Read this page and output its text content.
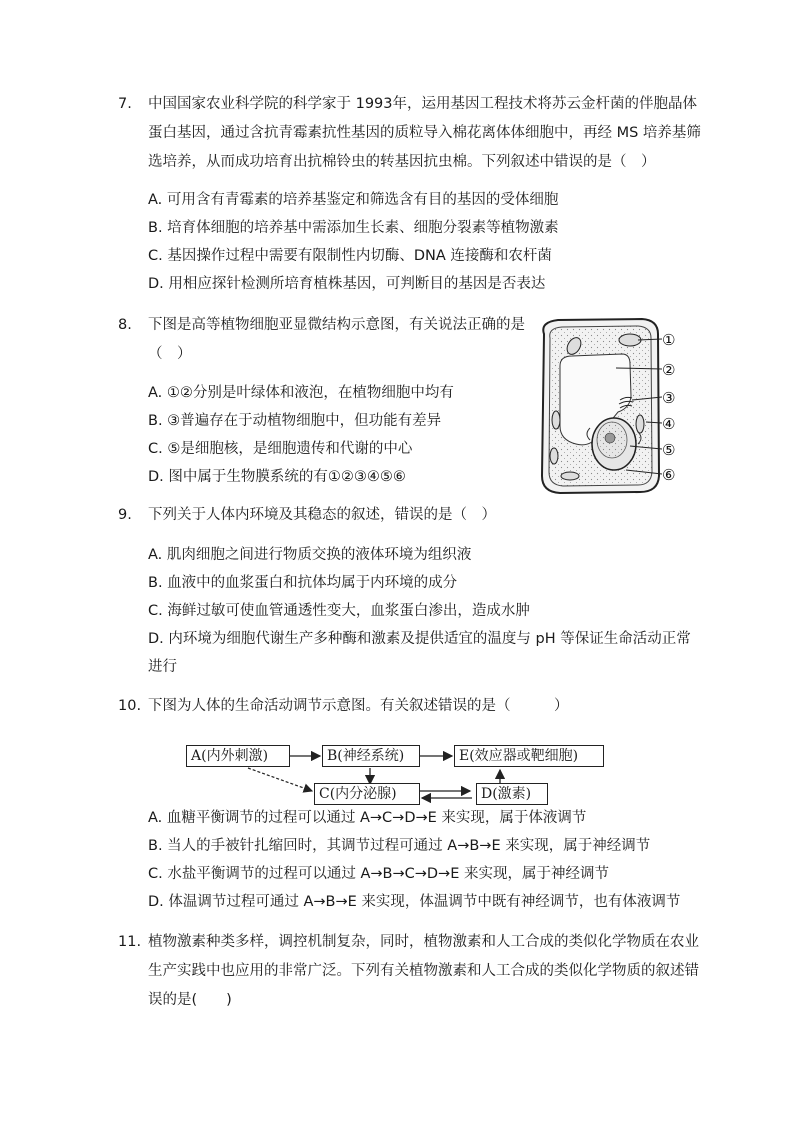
7. 中国国家农业科学院的科学家于 1993年，运用基因工程技术将苏云金杆菌的伴胞晶体
蛋白基因，通过含抗青霉素抗性基因的质粒导入棉花离体体细胞中，再经 MS 培养基筛
选培养，从而成功培育出抗棉铃虫的转基因抗虫棉。下列叙述中错误的是（　）
A. 可用含有青霉素的培养基鉴定和筛选含有目的基因的受体细胞
B. 培育体细胞的培养基中需添加生长素、细胞分裂素等植物激素
C. 基因操作过程中需要有限制性内切酶、DNA 连接酶和农杆菌
D. 用相应探针检测所培育植株基因，可判断目的基因是否表达
8. 下图是高等植物细胞亚显微结构示意图，有关说法正确的是
（　）
A. ①②分别是叶绿体和液泡，在植物细胞中均有
B. ③普遍存在于动植物细胞中，但功能有差异
C. ⑤是细胞核，是细胞遗传和代谢的中心
D. 图中属于生物膜系统的有①②③④⑤⑥
①
②
③
④
⑤
⑥
9. 下列关于人体内环境及其稳态的叙述，错误的是（　）
A. 肌肉细胞之间进行物质交换的液体环境为组织液
B. 血液中的血浆蛋白和抗体均属于内环境的成分
C. 海鲜过敏可使血管通透性变大，血浆蛋白渗出，造成水肿
D. 内环境为细胞代谢生产多种酶和激素及提供适宜的温度与 pH 等保证生命活动正常
进行
10. 下图为人体的生命活动调节示意图。有关叙述错误的是（　　　）
A(内外刺激)	B(神经系统)	E(效应器或靶细胞)
C(内分泌腺)	D(激素)
A. 血糖平衡调节的过程可以通过 A→C→D→E 来实现，属于体液调节
B. 当人的手被针扎缩回时，其调节过程可通过 A→B→E 来实现，属于神经调节
C. 水盐平衡调节的过程可以通过 A→B→C→D→E 来实现，属于神经调节
D. 体温调节过程可通过 A→B→E 来实现，体温调节中既有神经调节，也有体液调节
11. 植物激素种类多样，调控机制复杂，同时，植物激素和人工合成的类似化学物质在农业
生产实践中也应用的非常广泛。下列有关植物激素和人工合成的类似化学物质的叙述错
误的是(　　)
